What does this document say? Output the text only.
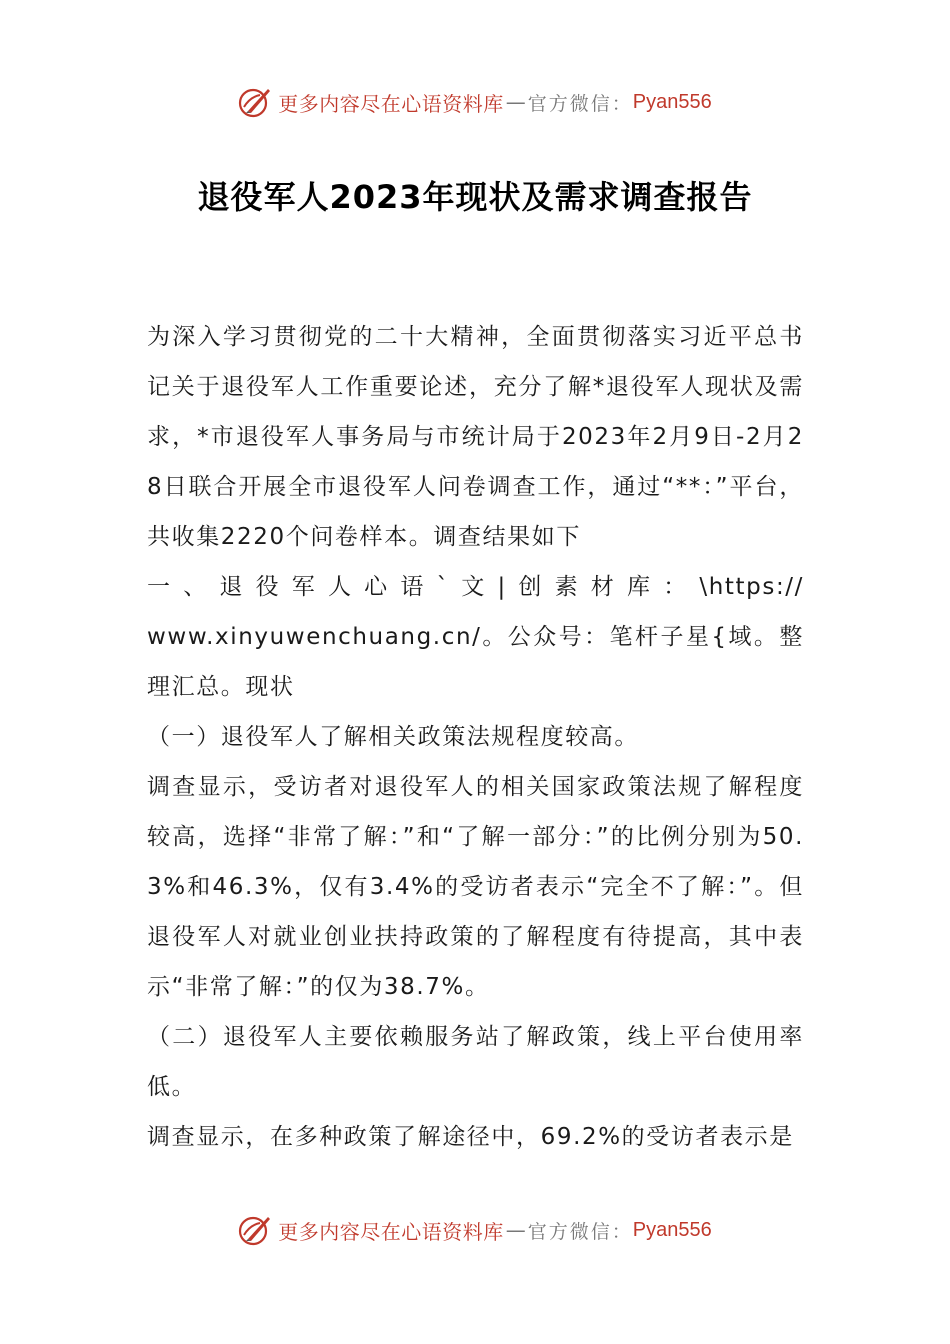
更多内容尽在心语资料库 — 官方微信： Pyan556
退役军人2023年现状及需求调查报告

为深入学习贯彻党的二十大精神，全面贯彻落实习近平总书记关于退役军人工作重要论述，充分了解*退役军人现状及需求，*市退役军人事务局与市统计局于2023年2月9日-2月28日联合开展全市退役军人问卷调查工作，通过“**：”平台，共收集2220个问卷样本。调查结果如下

一、退役军人心语`文|创素材库：\https://

www.xinyuwenchuang.cn/。公众号：笔杆子星{域。整理汇总。现状

（一）退役军人了解相关政策法规程度较高。

调查显示，受访者对退役军人的相关国家政策法规了解程度较高，选择“非常了解：”和“了解一部分：”的比例分别为50.3%和46.3%，仅有3.4%的受访者表示“完全不了解：”。但退役军人对就业创业扶持政策的了解程度有待提高，其中表示“非常了解：”的仅为38.7%。

（二）退役军人主要依赖服务站了解政策，线上平台使用率低。

调查显示，在多种政策了解途径中，69.2%的受访者表示是

更多内容尽在心语资料库 — 官方微信： Pyan556
